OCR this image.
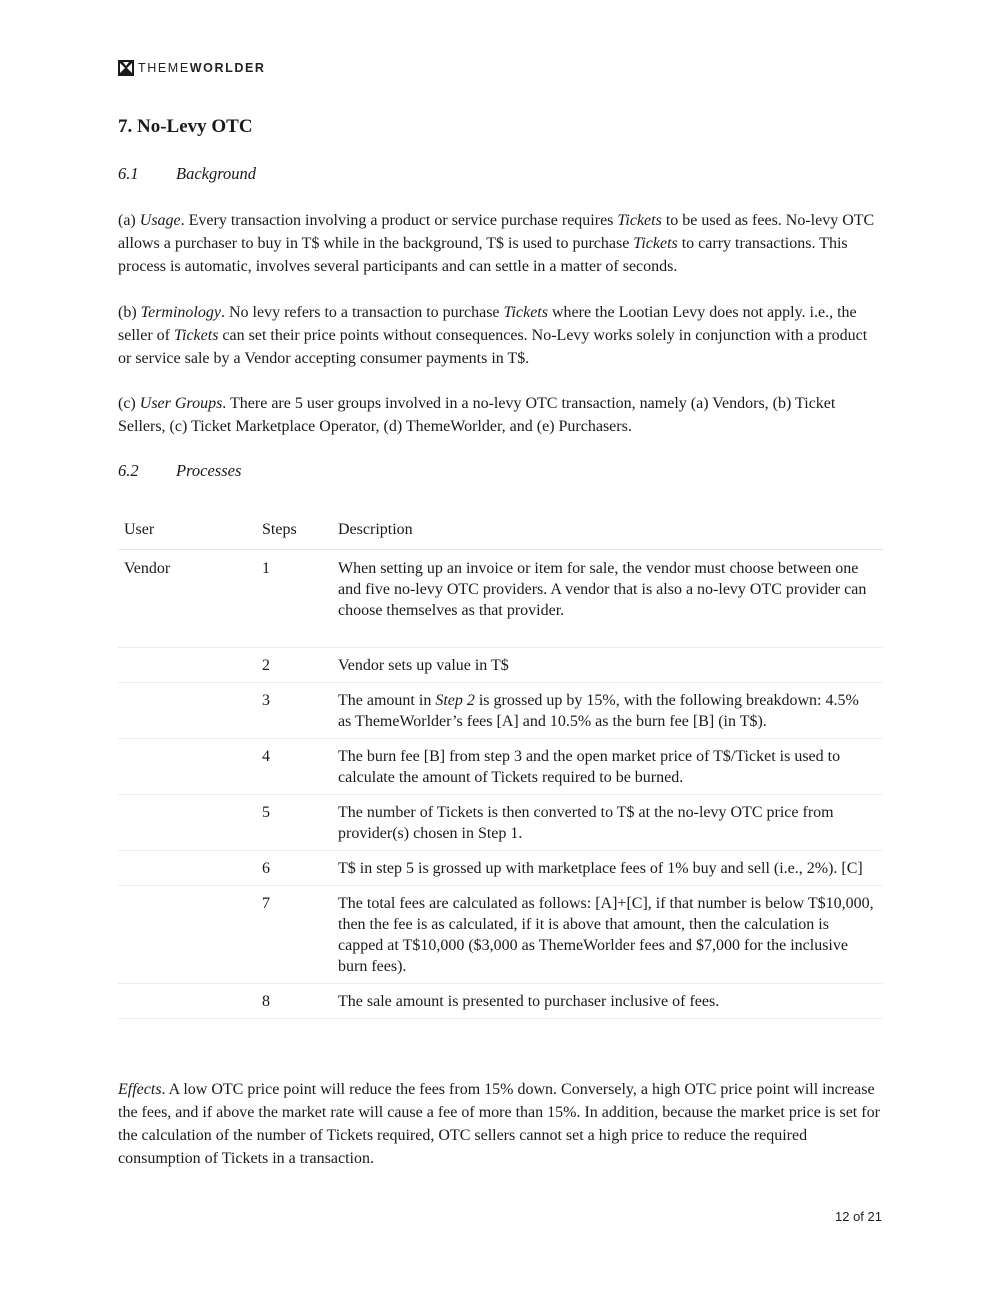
THEMEWORLDER
7. No-Levy OTC
6.1 Background

(a) Usage. Every transaction involving a product or service purchase requires Tickets to be used as fees. No-levy OTC allows a purchaser to buy in T$ while in the background, T$ is used to purchase Tickets to carry transactions. This process is automatic, involves several participants and can settle in a matter of seconds.

(b) Terminology. No levy refers to a transaction to purchase Tickets where the Lootian Levy does not apply. i.e., the seller of Tickets can set their price points without consequences. No-Levy works solely in conjunction with a product or service sale by a Vendor accepting consumer payments in T$.

(c) User Groups. There are 5 user groups involved in a no-levy OTC transaction, namely (a) Vendors, (b) Ticket Sellers, (c) Ticket Marketplace Operator, (d) ThemeWorlder, and (e) Purchasers.

6.2 Processes
User	Steps	Description
Vendor	1	When setting up an invoice or item for sale, the vendor must choose between one and five no-levy OTC providers. A vendor that is also a no-levy OTC provider can choose themselves as that provider.
	2	Vendor sets up value in T$
	3	The amount in Step 2 is grossed up by 15%, with the following breakdown: 4.5% as ThemeWorlder’s fees [A] and 10.5% as the burn fee [B] (in T$).
	4	The burn fee [B] from step 3 and the open market price of T$/Ticket is used to calculate the amount of Tickets required to be burned.
	5	The number of Tickets is then converted to T$ at the no-levy OTC price from provider(s) chosen in Step 1.
	6	T$ in step 5 is grossed up with marketplace fees of 1% buy and sell (i.e., 2%). [C]
	7	The total fees are calculated as follows: [A]+[C], if that number is below T$10,000, then the fee is as calculated, if it is above that amount, then the calculation is capped at T$10,000 ($3,000 as ThemeWorlder fees and $7,000 for the inclusive burn fees).
	8	The sale amount is presented to purchaser inclusive of fees.

Effects. A low OTC price point will reduce the fees from 15% down. Conversely, a high OTC price point will increase the fees, and if above the market rate will cause a fee of more than 15%. In addition, because the market price is set for the calculation of the number of Tickets required, OTC sellers cannot set a high price to reduce the required consumption of Tickets in a transaction.

12 of 21
